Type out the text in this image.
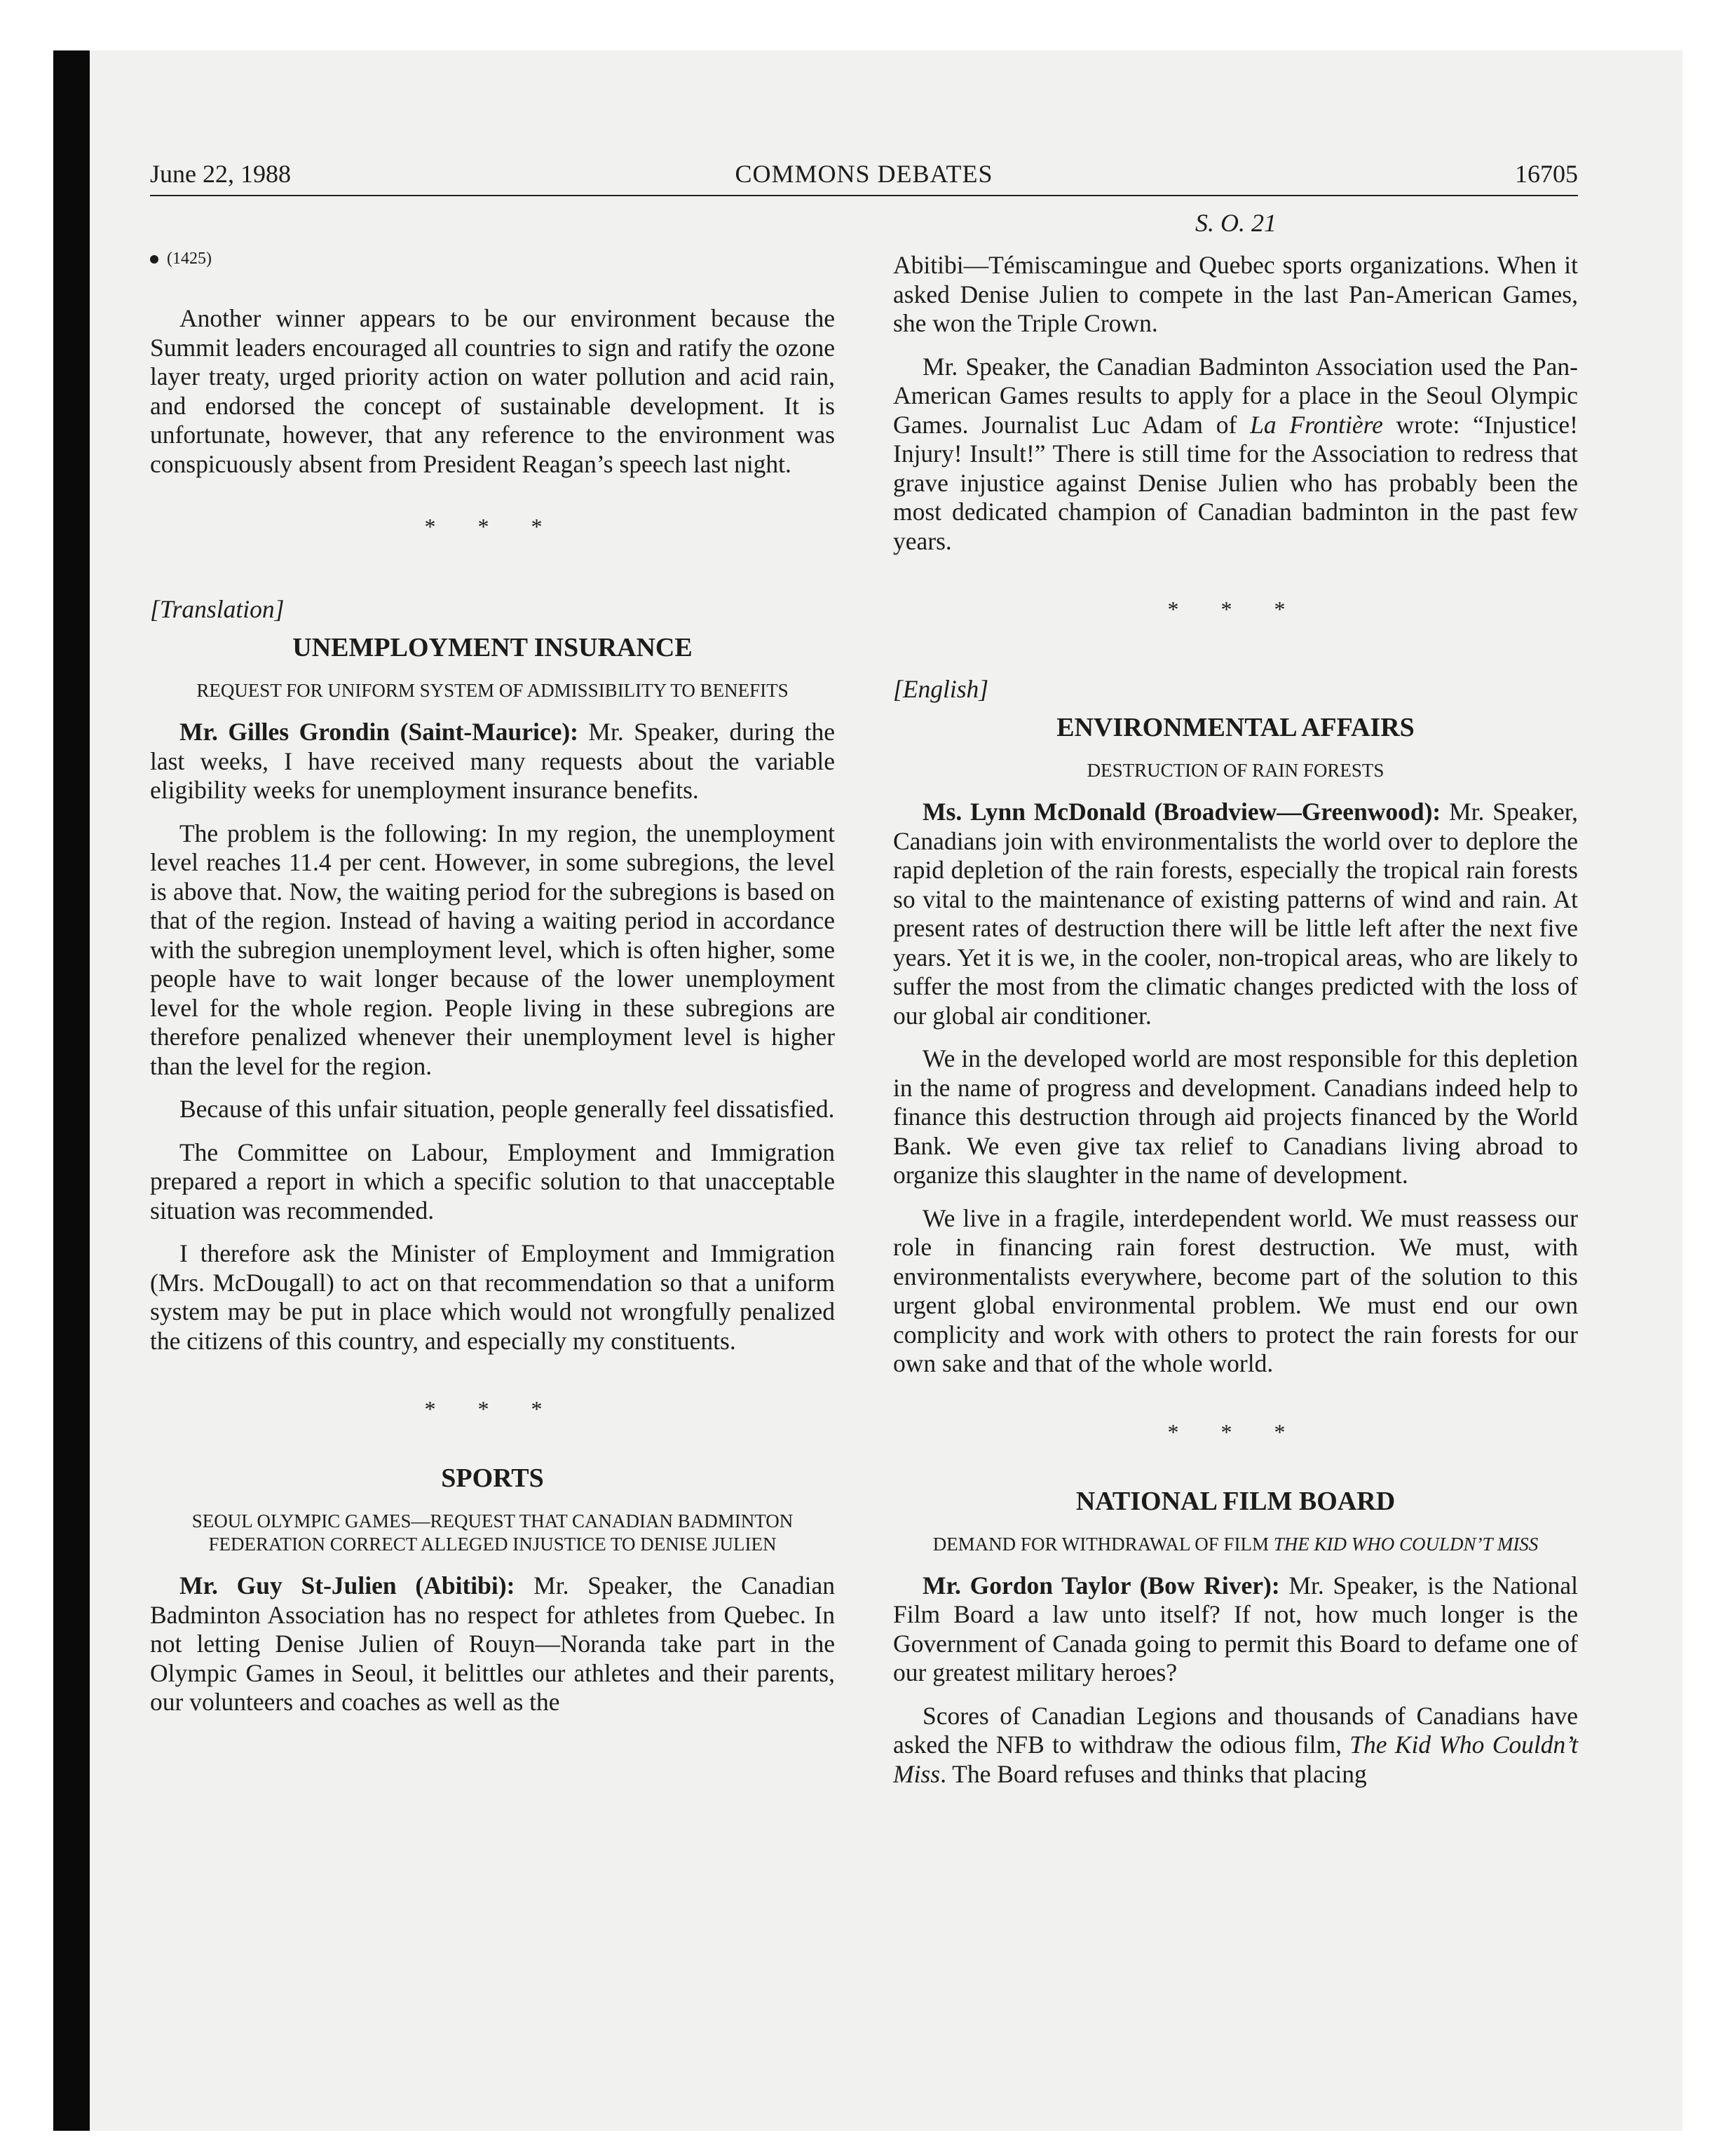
June 22, 1988	COMMONS DEBATES	16705
S. O. 21
(1425)

Another winner appears to be our environment because the Summit leaders encouraged all countries to sign and ratify the ozone layer treaty, urged priority action on water pollution and acid rain, and endorsed the concept of sustainable development. It is unfortunate, however, that any reference to the environment was conspicuously absent from President Reagan’s speech last night.

* * *
[Translation]
UNEMPLOYMENT INSURANCE
REQUEST FOR UNIFORM SYSTEM OF ADMISSIBILITY TO BENEFITS

Mr. Gilles Grondin (Saint-Maurice): Mr. Speaker, during the last weeks, I have received many requests about the variable eligibility weeks for unemployment insurance benefits.

The problem is the following: In my region, the unemployment level reaches 11.4 per cent. However, in some subregions, the level is above that. Now, the waiting period for the subregions is based on that of the region. Instead of having a waiting period in accordance with the subregion unemployment level, which is often higher, some people have to wait longer because of the lower unemployment level for the whole region. People living in these subregions are therefore penalized whenever their unemployment level is higher than the level for the region.

Because of this unfair situation, people generally feel dissatisfied.

The Committee on Labour, Employment and Immigration prepared a report in which a specific solution to that unacceptable situation was recommended.

I therefore ask the Minister of Employment and Immigration (Mrs. McDougall) to act on that recommendation so that a uniform system may be put in place which would not wrongfully penalized the citizens of this country, and especially my constituents.

* * *
SPORTS
SEOUL OLYMPIC GAMES—REQUEST THAT CANADIAN BADMINTON FEDERATION CORRECT ALLEGED INJUSTICE TO DENISE JULIEN

Mr. Guy St-Julien (Abitibi): Mr. Speaker, the Canadian Badminton Association has no respect for athletes from Quebec. In not letting Denise Julien of Rouyn—Noranda take part in the Olympic Games in Seoul, it belittles our athletes and their parents, our volunteers and coaches as well as the

Abitibi—Témiscamingue and Quebec sports organizations. When it asked Denise Julien to compete in the last Pan-American Games, she won the Triple Crown.

Mr. Speaker, the Canadian Badminton Association used the Pan-American Games results to apply for a place in the Seoul Olympic Games. Journalist Luc Adam of La Frontière wrote: “Injustice! Injury! Insult!” There is still time for the Association to redress that grave injustice against Denise Julien who has probably been the most dedicated champion of Canadian badminton in the past few years.

* * *
[English]
ENVIRONMENTAL AFFAIRS
DESTRUCTION OF RAIN FORESTS

Ms. Lynn McDonald (Broadview—Greenwood): Mr. Speaker, Canadians join with environmentalists the world over to deplore the rapid depletion of the rain forests, especially the tropical rain forests so vital to the maintenance of existing patterns of wind and rain. At present rates of destruction there will be little left after the next five years. Yet it is we, in the cooler, non-tropical areas, who are likely to suffer the most from the climatic changes predicted with the loss of our global air conditioner.

We in the developed world are most responsible for this depletion in the name of progress and development. Canadians indeed help to finance this destruction through aid projects financed by the World Bank. We even give tax relief to Canadians living abroad to organize this slaughter in the name of development.

We live in a fragile, interdependent world. We must reassess our role in financing rain forest destruction. We must, with environmentalists everywhere, become part of the solution to this urgent global environmental problem. We must end our own complicity and work with others to protect the rain forests for our own sake and that of the whole world.

* * *
NATIONAL FILM BOARD
DEMAND FOR WITHDRAWAL OF FILM THE KID WHO COULDN’T MISS

Mr. Gordon Taylor (Bow River): Mr. Speaker, is the National Film Board a law unto itself? If not, how much longer is the Government of Canada going to permit this Board to defame one of our greatest military heroes?

Scores of Canadian Legions and thousands of Canadians have asked the NFB to withdraw the odious film, The Kid Who Couldn’t Miss. The Board refuses and thinks that placing
